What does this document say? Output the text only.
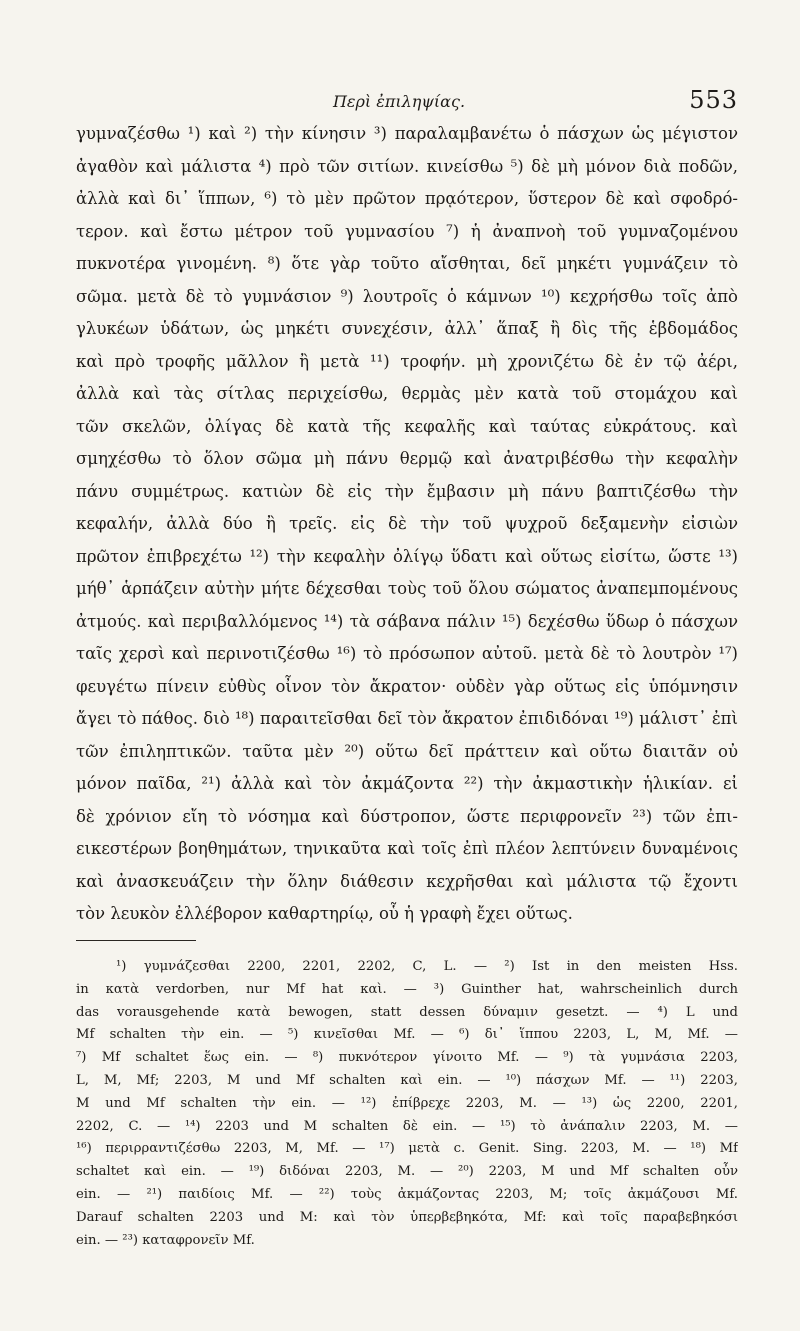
Περὶ ἐπιληψίας.	553
γυμναζέσθω ¹) καὶ ²) τὴν κίνησιν ³) παραλαμβανέτω ὁ πάσχων ὡς μέγιστον
ἀγαθὸν καὶ μάλιστα ⁴) πρὸ τῶν σιτίων. κινείσθω ⁵) δὲ μὴ μόνον διὰ ποδῶν,
ἀλλὰ καὶ δι᾽ ἵππων, ⁶) τὸ μὲν πρῶτον πρᾳότερον, ὕστερον δὲ καὶ σφοδρό-
τερον. καὶ ἔστω μέτρον τοῦ γυμνασίου ⁷) ἡ ἀναπνοὴ τοῦ γυμναζομένου
πυκνοτέρα γινομένη. ⁸) ὅτε γὰρ τοῦτο αἴσθηται, δεῖ μηκέτι γυμνάζειν τὸ
σῶμα. μετὰ δὲ τὸ γυμνάσιον ⁹) λουτροῖς ὁ κάμνων ¹⁰) κεχρήσθω τοῖς ἀπὸ
γλυκέων ὑδάτων, ὡς μηκέτι συνεχέσιν, ἀλλ᾽ ἅπαξ ἢ δὶς τῆς ἑβδομάδος
καὶ πρὸ τροφῆς μᾶλλον ἢ μετὰ ¹¹) τροφήν. μὴ χρονιζέτω δὲ ἐν τῷ ἀέρι,
ἀλλὰ καὶ τὰς σίτλας περιχείσθω, θερμὰς μὲν κατὰ τοῦ στομάχου καὶ
τῶν σκελῶν, ὀλίγας δὲ κατὰ τῆς κεφαλῆς καὶ ταύτας εὐκράτους. καὶ
σμηχέσθω τὸ ὅλον σῶμα μὴ πάνυ θερμῷ καὶ ἀνατριβέσθω τὴν κεφαλὴν
πάνυ συμμέτρως. κατιὼν δὲ εἰς τὴν ἔμβασιν μὴ πάνυ βαπτιζέσθω τὴν
κεφαλήν, ἀλλὰ δύο ἢ τρεῖς. εἰς δὲ τὴν τοῦ ψυχροῦ δεξαμενὴν εἰσιὼν
πρῶτον ἐπιβρεχέτω ¹²) τὴν κεφαλὴν ὀλίγῳ ὕδατι καὶ οὕτως εἰσίτω, ὥστε ¹³)
μήθ᾽ ἁρπάζειν αὐτὴν μήτε δέχεσθαι τοὺς τοῦ ὅλου σώματος ἀναπεμπομένους
ἀτμούς. καὶ περιβαλλόμενος ¹⁴) τὰ σάβανα πάλιν ¹⁵) δεχέσθω ὕδωρ ὁ πάσχων
ταῖς χερσὶ καὶ περινοτιζέσθω ¹⁶) τὸ πρόσωπον αὐτοῦ. μετὰ δὲ τὸ λουτρὸν ¹⁷)
φευγέτω πίνειν εὐθὺς οἶνον τὸν ἄκρατον· οὐδὲν γὰρ οὕτως εἰς ὑπόμνησιν
ἄγει τὸ πάθος. διὸ ¹⁸) παραιτεῖσθαι δεῖ τὸν ἄκρατον ἐπιδιδόναι ¹⁹) μάλιστ᾽ ἐπὶ
τῶν ἐπιληπτικῶν. ταῦτα μὲν ²⁰) οὕτω δεῖ πράττειν καὶ οὕτω διαιτᾶν οὐ
μόνον παῖδα, ²¹) ἀλλὰ καὶ τὸν ἀκμάζοντα ²²) τὴν ἀκμαστικὴν ἡλικίαν. εἰ
δὲ χρόνιον εἴη τὸ νόσημα καὶ δύστροπον, ὥστε περιφρονεῖν ²³) τῶν ἐπι-
εικεστέρων βοηθημάτων, τηνικαῦτα καὶ τοῖς ἐπὶ πλέον λεπτύνειν δυναμένοις
καὶ ἀνασκευάζειν τὴν ὅλην διάθεσιν κεχρῆσθαι καὶ μάλιστα τῷ ἔχοντι
τὸν λευκὸν ἐλλέβορον καθαρτηρίῳ, οὗ ἡ γραφὴ ἔχει οὕτως.
¹) γυμνάζεσθαι 2200, 2201, 2202, C, L. — ²) Ist in den meisten Hss.
in κατὰ verdorben, nur Mf hat καὶ. — ³) Guinther hat, wahrscheinlich durch
das vorausgehende κατὰ bewogen, statt dessen δύναμιν gesetzt. — ⁴) L und
Mf schalten τὴν ein. — ⁵) κινεῖσθαι Mf. — ⁶) δι᾽ ἵππου 2203, L, M, Mf. —
⁷) Mf schaltet ἕως ein. — ⁸) πυκνότερον γίνοιτο Mf. — ⁹) τὰ γυμνάσια 2203,
L, M, Mf; 2203, M und Mf schalten καὶ ein. — ¹⁰) πάσχων Mf. — ¹¹) 2203,
M und Mf schalten τὴν ein. — ¹²) ἐπίβρεχε 2203, M. — ¹³) ὡς 2200, 2201,
2202, C. — ¹⁴) 2203 und M schalten δὲ ein. — ¹⁵) τὸ ἀνάπαλιν 2203, M. —
¹⁶) περιρραντιζέσθω 2203, M, Mf. — ¹⁷) μετὰ c. Genit. Sing. 2203, M. — ¹⁸) Mf
schaltet καὶ ein. — ¹⁹) διδόναι 2203, M. — ²⁰) 2203, M und Mf schalten οὖν
ein. — ²¹) παιδίοις Mf. — ²²) τοὺς ἀκμάζοντας 2203, M; τοῖς ἀκμάζουσι Mf.
Darauf schalten 2203 und M: καὶ τὸν ὑπερβεβηκότα, Mf: καὶ τοῖς παραβεβηκόσι
ein. — ²³) καταφρονεῖν Mf.
